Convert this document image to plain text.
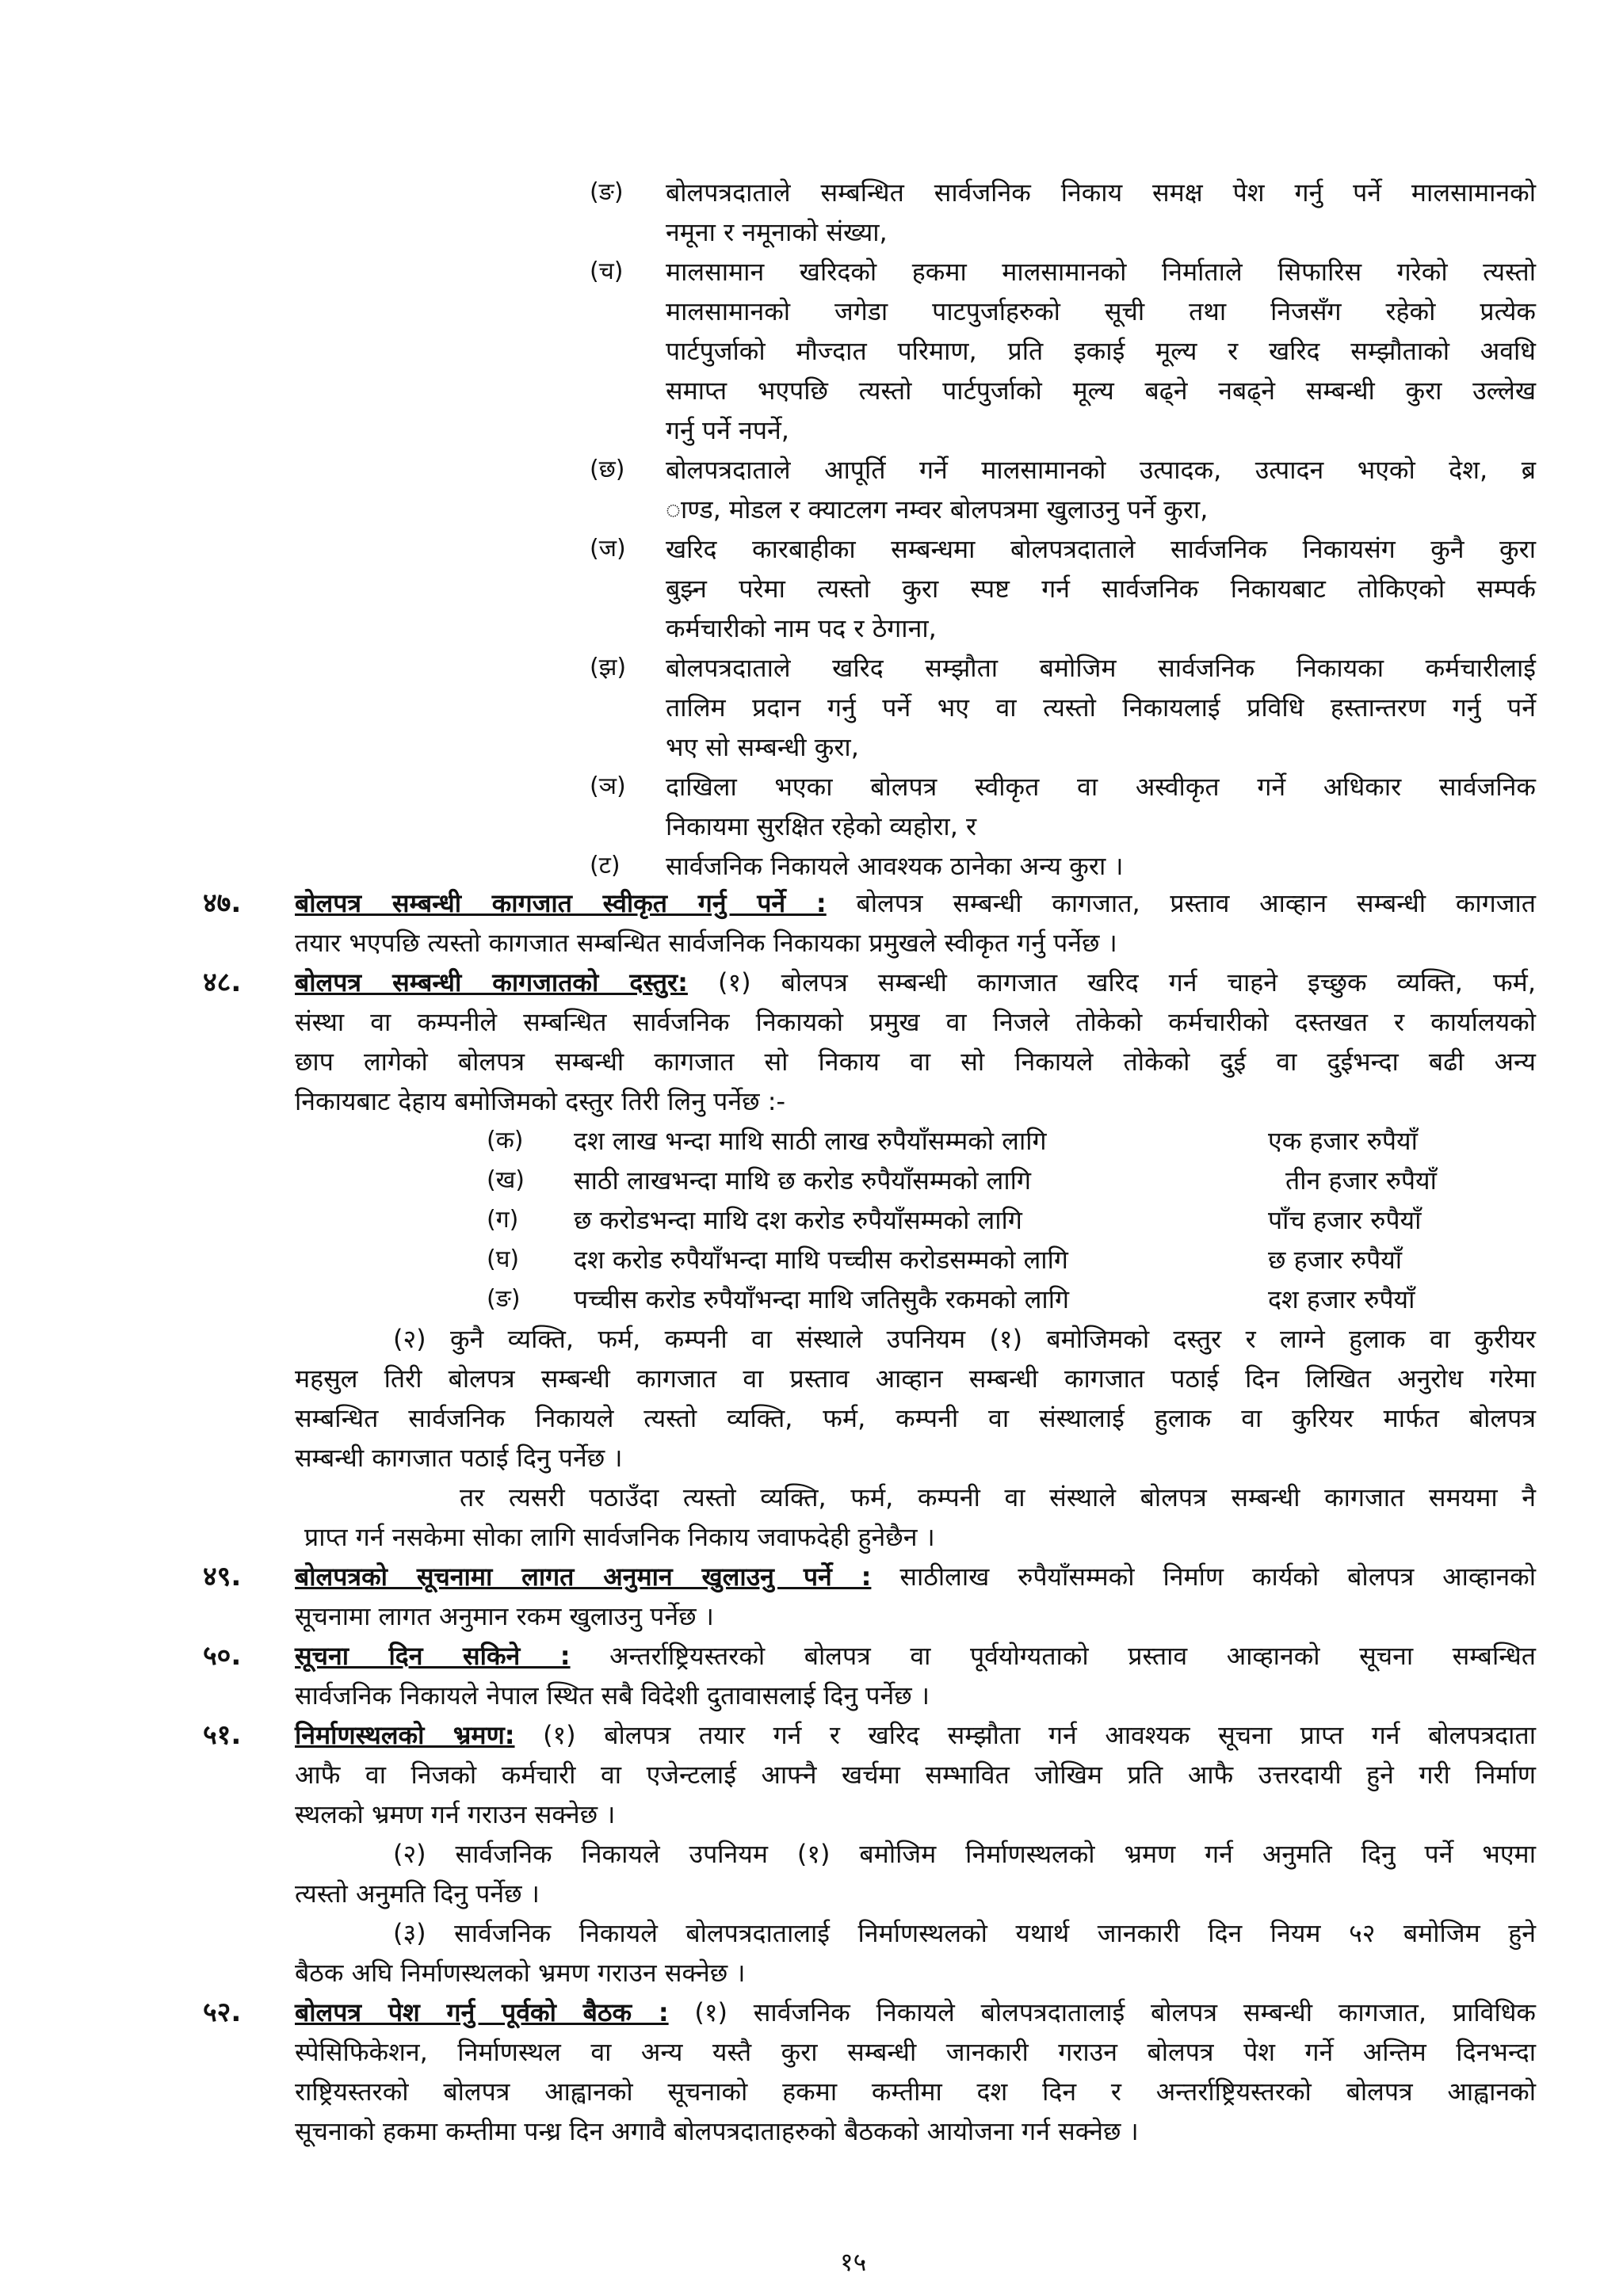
(ङ) बोलपत्रदाताले सम्बन्धित सार्वजनिक निकाय समक्ष पेश गर्नु पर्ने मालसामानको
नमूना र नमूनाको संख्या,
(च) मालसामान खरिदको हकमा मालसामानको निर्माताले सिफारिस गरेको त्यस्तो
मालसामानको जगेडा पाटपुर्जाहरुको सूची तथा निजसँग रहेको प्रत्येक
पार्टपुर्जाको मौज्दात परिमाण, प्रति इकाई मूल्य र खरिद सम्झौताको अवधि
समाप्त भएपछि त्यस्तो पार्टपुर्जाको मूल्य बढ्ने नबढ्ने सम्बन्धी कुरा उल्लेख
गर्नु पर्ने नपर्ने,
(छ) बोलपत्रदाताले आपूर्ति गर्ने मालसामानको उत्पादक, उत्पादन भएको देश, ब्र
ाण्ड, मोडल र क्याटलग नम्वर बोलपत्रमा खुलाउनु पर्ने कुरा,
(ज) खरिद कारबाहीका सम्बन्धमा बोलपत्रदाताले सार्वजनिक निकायसंग कुनै कुरा
बुझ्न परेमा त्यस्तो कुरा स्पष्ट गर्न सार्वजनिक निकायबाट तोकिएको सम्पर्क
कर्मचारीको नाम पद र ठेगाना,
(झ) बोलपत्रदाताले खरिद सम्झौता बमोजिम सार्वजनिक निकायका कर्मचारीलाई
तालिम प्रदान गर्नु पर्ने भए वा त्यस्तो निकायलाई प्रविधि हस्तान्तरण गर्नु पर्ने
भए सो सम्बन्धी कुरा,
(ञ) दाखिला भएका बोलपत्र स्वीकृत वा अस्वीकृत गर्ने अधिकार सार्वजनिक
निकायमा सुरक्षित रहेको व्यहोरा, र
(ट) सार्वजनिक निकायले आवश्यक ठानेका अन्य कुरा ।
४७. बोलपत्र सम्बन्धी कागजात स्वीकृत गर्नु पर्ने : बोलपत्र सम्बन्धी कागजात, प्रस्ताव आव्हान सम्बन्धी कागजात
तयार भएपछि त्यस्तो कागजात सम्बन्धित सार्वजनिक निकायका प्रमुखले स्वीकृत गर्नु पर्नेछ ।
४८. बोलपत्र सम्बन्धी कागजातको दस्तुर: (१) बोलपत्र सम्बन्धी कागजात खरिद गर्न चाहने इच्छुक व्यक्ति, फर्म,
संस्था वा कम्पनीले सम्बन्धित सार्वजनिक निकायको प्रमुख वा निजले तोकेको कर्मचारीको दस्तखत र कार्यालयको
छाप लागेको बोलपत्र सम्बन्धी कागजात सो निकाय वा सो निकायले तोकेको दुई वा दुईभन्दा बढी अन्य
निकायबाट देहाय बमोजिमको दस्तुर तिरी लिनु पर्नेछ :-
(क) दश लाख भन्दा माथि साठी लाख रुपैयाँसम्मको लागि	एक हजार रुपैयाँ
(ख) साठी लाखभन्दा माथि छ करोड रुपैयाँसम्मको लागि	तीन हजार रुपैयाँ
(ग) छ करोडभन्दा माथि दश करोड रुपैयाँसम्मको लागि	पाँच हजार रुपैयाँ
(घ) दश करोड रुपैयाँभन्दा माथि पच्चीस करोडसम्मको लागि	छ हजार रुपैयाँ
(ङ) पच्चीस करोड रुपैयाँभन्दा माथि जतिसुकै रकमको लागि	दश हजार रुपैयाँ
(२) कुनै व्यक्ति, फर्म, कम्पनी वा संस्थाले उपनियम (१) बमोजिमको दस्तुर र लाग्ने हुलाक वा कुरीयर
महसुल तिरी बोलपत्र सम्बन्धी कागजात वा प्रस्ताव आव्हान सम्बन्धी कागजात पठाई दिन लिखित अनुरोध गरेमा
सम्बन्धित सार्वजनिक निकायले त्यस्तो व्यक्ति, फर्म, कम्पनी वा संस्थालाई हुलाक वा कुरियर मार्फत बोलपत्र
सम्बन्धी कागजात पठाई दिनु पर्नेछ ।
तर त्यसरी पठाउँदा त्यस्तो व्यक्ति, फर्म, कम्पनी वा संस्थाले बोलपत्र सम्बन्धी कागजात समयमा नै
प्राप्त गर्न नसकेमा सोका लागि सार्वजनिक निकाय जवाफदेही हुनेछैन ।
४९. बोलपत्रको सूचनामा लागत अनुमान खुलाउनु पर्ने : साठीलाख रुपैयाँसम्मको निर्माण कार्यको बोलपत्र आव्हानको
सूचनामा लागत अनुमान रकम खुलाउनु पर्नेछ ।
५०. सूचना दिन सकिने : अन्तर्राष्ट्रियस्तरको बोलपत्र वा पूर्वयोग्यताको प्रस्ताव आव्हानको सूचना सम्बन्धित
सार्वजनिक निकायले नेपाल स्थित सबै विदेशी दुतावासलाई दिनु पर्नेछ ।
५१. निर्माणस्थलको भ्रमण: (१) बोलपत्र तयार गर्न र खरिद सम्झौता गर्न आवश्यक सूचना प्राप्त गर्न बोलपत्रदाता
आफै वा निजको कर्मचारी वा एजेन्टलाई आफ्नै खर्चमा सम्भावित जोखिम प्रति आफै उत्तरदायी हुने गरी निर्माण
स्थलको भ्रमण गर्न गराउन सक्नेछ ।
(२) सार्वजनिक निकायले उपनियम (१) बमोजिम निर्माणस्थलको भ्रमण गर्न अनुमति दिनु पर्ने भएमा
त्यस्तो अनुमति दिनु पर्नेछ ।
(३) सार्वजनिक निकायले बोलपत्रदातालाई निर्माणस्थलको यथार्थ जानकारी दिन नियम ५२ बमोजिम हुने
बैठक अघि निर्माणस्थलको भ्रमण गराउन सक्नेछ ।
५२. बोलपत्र पेश गर्नु पूर्वको बैठक : (१) सार्वजनिक निकायले बोलपत्रदातालाई बोलपत्र सम्बन्धी कागजात, प्राविधिक
स्पेसिफिकेशन, निर्माणस्थल वा अन्य यस्तै कुरा सम्बन्धी जानकारी गराउन बोलपत्र पेश गर्ने अन्तिम दिनभन्दा
राष्ट्रियस्तरको बोलपत्र आह्वानको सूचनाको हकमा कम्तीमा दश दिन र अन्तर्राष्ट्रियस्तरको बोलपत्र आह्वानको
सूचनाको हकमा कम्तीमा पन्ध्र दिन अगावै बोलपत्रदाताहरुको बैठकको आयोजना गर्न सक्नेछ ।
१५
